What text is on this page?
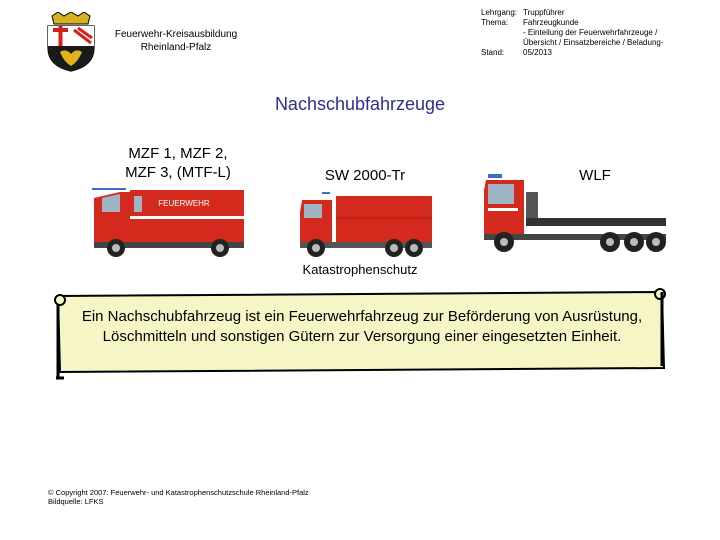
Feuerwehr-Kreisausbildung
Rheinland-Pfalz
Lehrgang: Truppführer
Thema: Fahrzeugkunde
- Einteilung der Feuerwehrfahrzeuge /
Übersicht / Einsatzbereiche / Beladung-
Stand: 05/2013
Nachschubfahrzeuge
MZF 1, MZF 2,
MZF 3, (MTF-L)	SW 2000-Tr	WLF
FEUERWEHR
Katastrophenschutz
Ein Nachschubfahrzeug ist ein Feuerwehrfahrzeug zur Beförderung von Ausrüstung, Löschmitteln und sonstigen Gütern zur Versorgung einer eingesetzten Einheit.
© Copyright 2007: Feuerwehr- und Katastrophenschutzschule Rheinland-Pfalz
Bildquelle: LFKS
